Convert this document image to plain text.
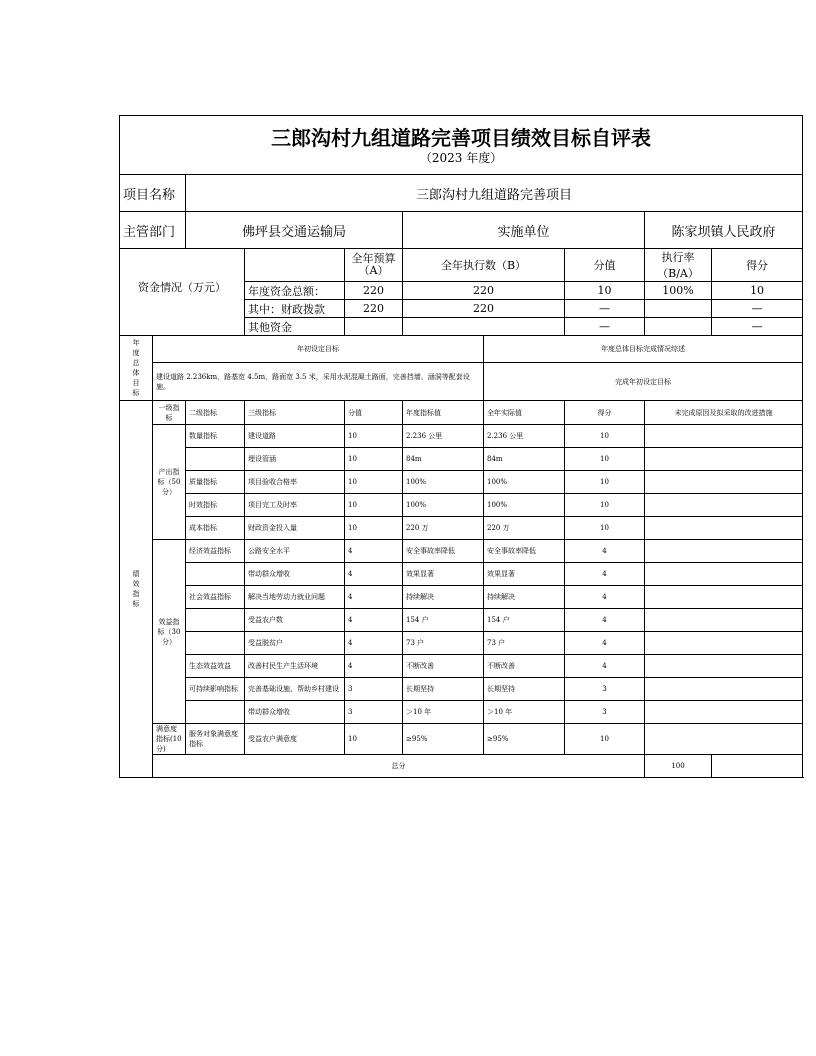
三郎沟村九组道路完善项目绩效目标自评表
（2023 年度）									

项目名称		三郎沟村九组道路完善项目							
主管部门		佛坪县交通运输局			实施单位			陈家坝镇人民政府	
资金情况（万元）				全年预算（A）	全年执行数（B）		分值	执行率（B/A）	得分
			年度资金总额：	220	220		10	100%	10
			其中：财政拨款	220	220		—		—
			其他资金				—		—

年度总体目标	年初设定目标					年度总体目标完成情况综述			
	建设道路 2.236km，路基宽 4.5m，路面宽 3.5 米，采用水泥混凝土路面，完善挡墙、涵洞等配套设施。					完成年初设定目标			

绩效指标	一级指标	二级指标	三级指标	分值	年度指标值	全年实际值	得分	未完成原因及拟采取的改进措施	
	产出指标（50分）	数量指标	建设道路	10	2.236 公里	2.236 公里	10		
			埋设管涵	10	84m	84m	10		
		质量指标	项目验收合格率	10	100%	100%	10		
		时效指标	项目完工及时率	10	100%	100%	10		
		成本指标	财政资金投入量	10	220 万	220 万	10		
	效益指标（30分）	经济效益指标	公路安全水平	4	安全事故率降低	安全事故率降低	4		
			带动群众增收	4	效果显著	效果显著	4		
		社会效益指标	解决当地劳动力就业问题	4	持续解决	持续解决	4		
			受益农户数	4	154 户	154 户	4		
			受益脱贫户	4	73 户	73 户	4		
		生态效益效益	改善村民生产生活环境	4	不断改善	不断改善	4		
		可持续影响指标	完善基础设施、帮助乡村建设	3	长期坚持	长期坚持	3		
			带动群众增收	3	＞10 年	＞10 年	3		
	满意度指标(10分)	服务对象满意度指标	受益农户满意度	10	≥95%	≥95%	10		
	总分							100	
